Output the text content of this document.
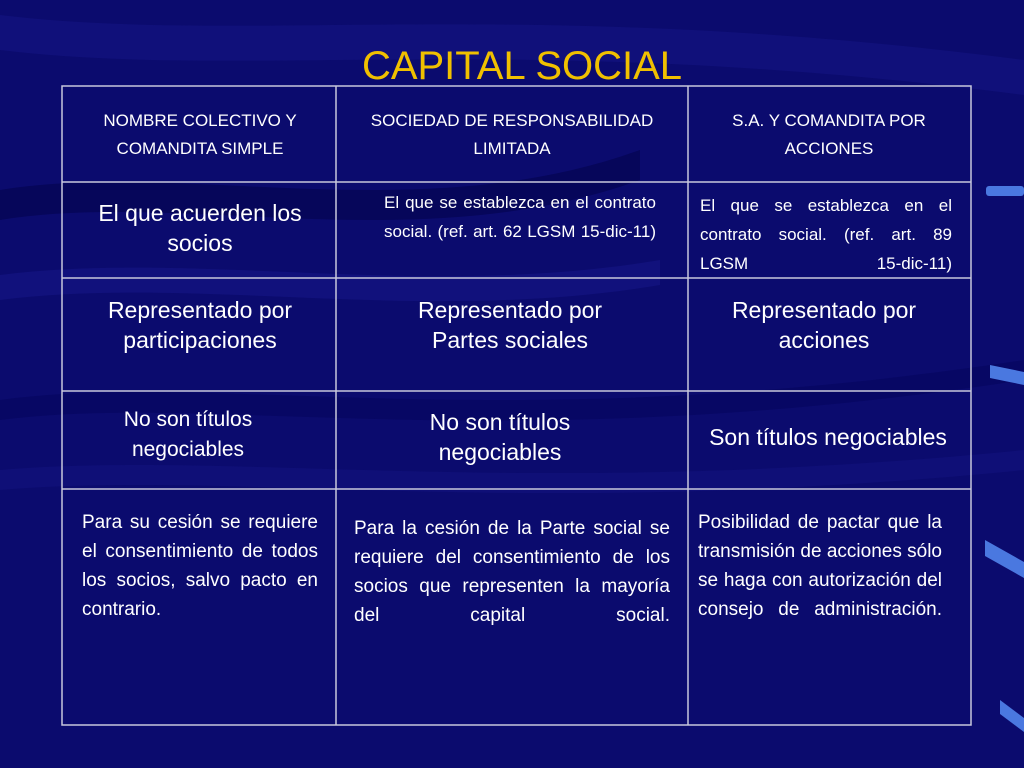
CAPITAL SOCIAL
NOMBRE COLECTIVO Y COMANDITA SIMPLE
SOCIEDAD DE RESPONSABILIDAD LIMITADA
S.A. Y COMANDITA POR ACCIONES
El que acuerden los socios
El que se establezca en el contrato social. (ref. art. 62 LGSM 15-dic-11)
El que se establezca en el contrato social. (ref. art. 89 LGSM 15-dic-11)
Representado por participaciones
Representado por Partes sociales
Representado por acciones
No son títulos negociables
No son títulos negociables
Son títulos negociables
Para su cesión se requiere el consentimiento de todos los socios, salvo pacto en contrario.
Para la cesión de la Parte social se requiere del consentimiento de los socios que representen la mayoría del capital social.
Posibilidad de pactar que la transmisión de acciones sólo se haga con autorización del consejo de administración.
